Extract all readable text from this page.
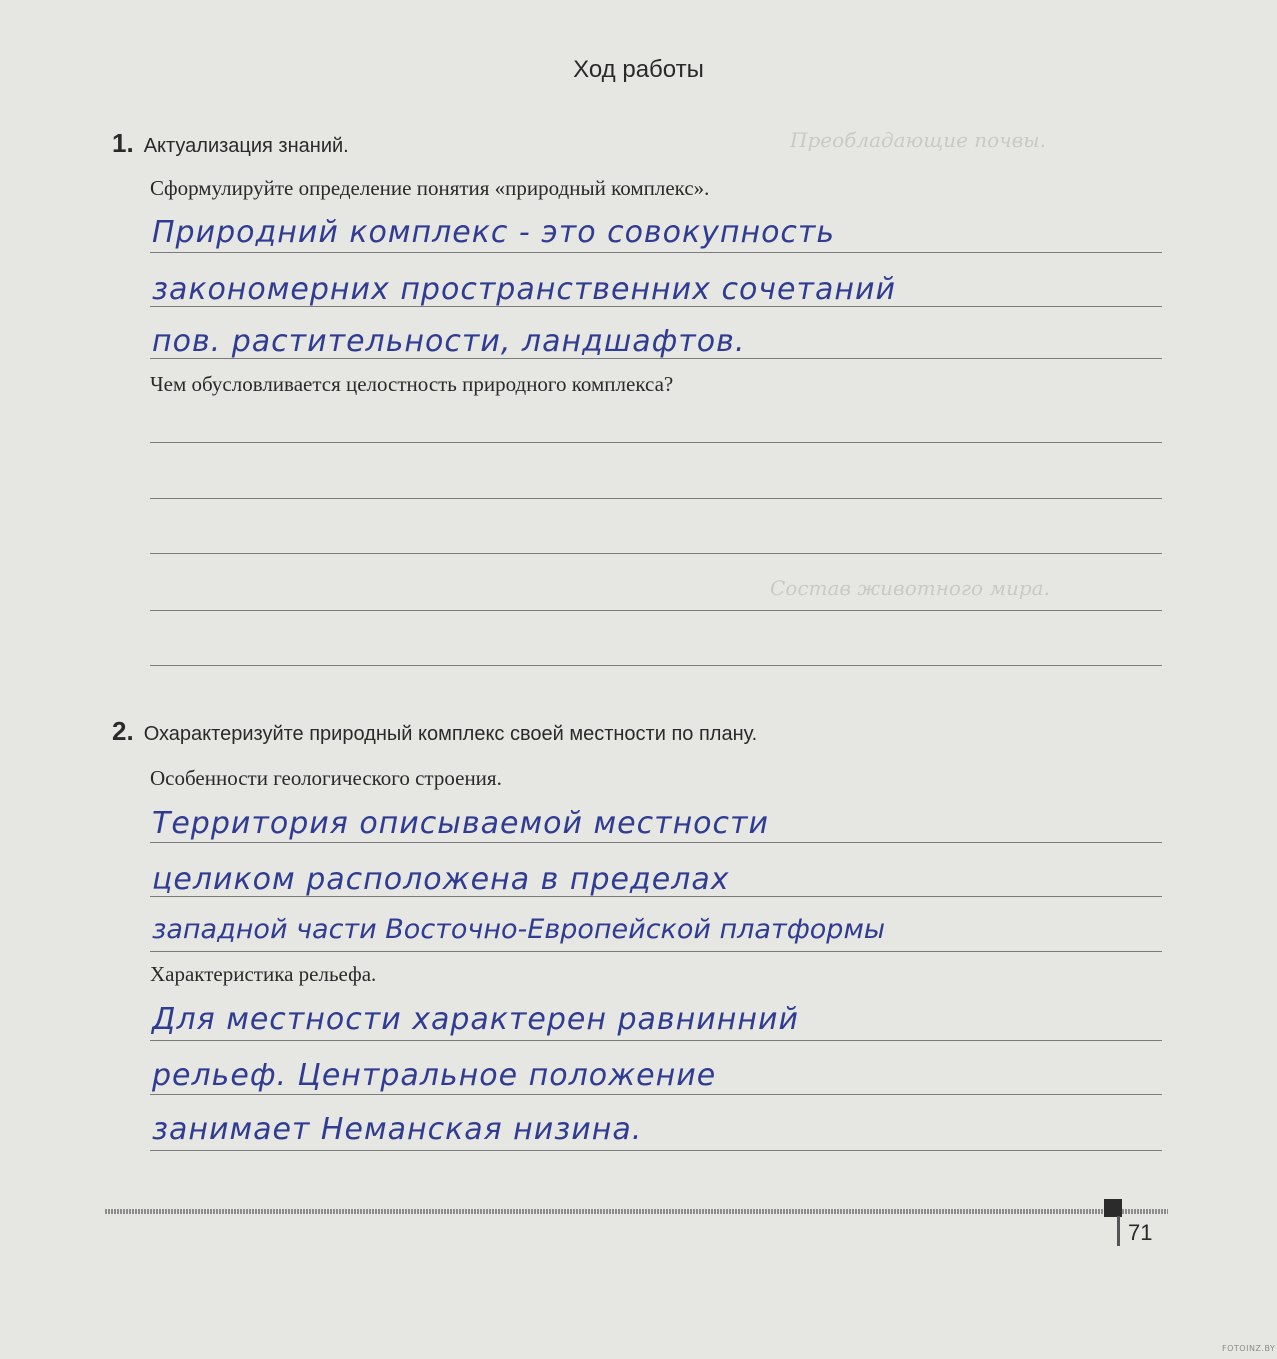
Преобладающие почвы.
Состав животного мира.
Ход работы
1. Актуализация знаний.
Сформулируйте определение понятия «природный комплекс».
Природний комплекс - это совокупность
закономерних пространственних сочетаний
пов. растительности, ландшафтов.
Чем обусловливается целостность природного комплекса?
2. Охарактеризуйте природный комплекс своей местности по плану.
Особенности геологического строения.
Территория описываемой местности
целиком расположена в пределах
западной части Восточно-Европейской платформы
Характеристика рельефа.
Для местности характерен равнинний
рельеф. Центральное положение
занимает Неманская низина.
71
FOTOINZ.BY
